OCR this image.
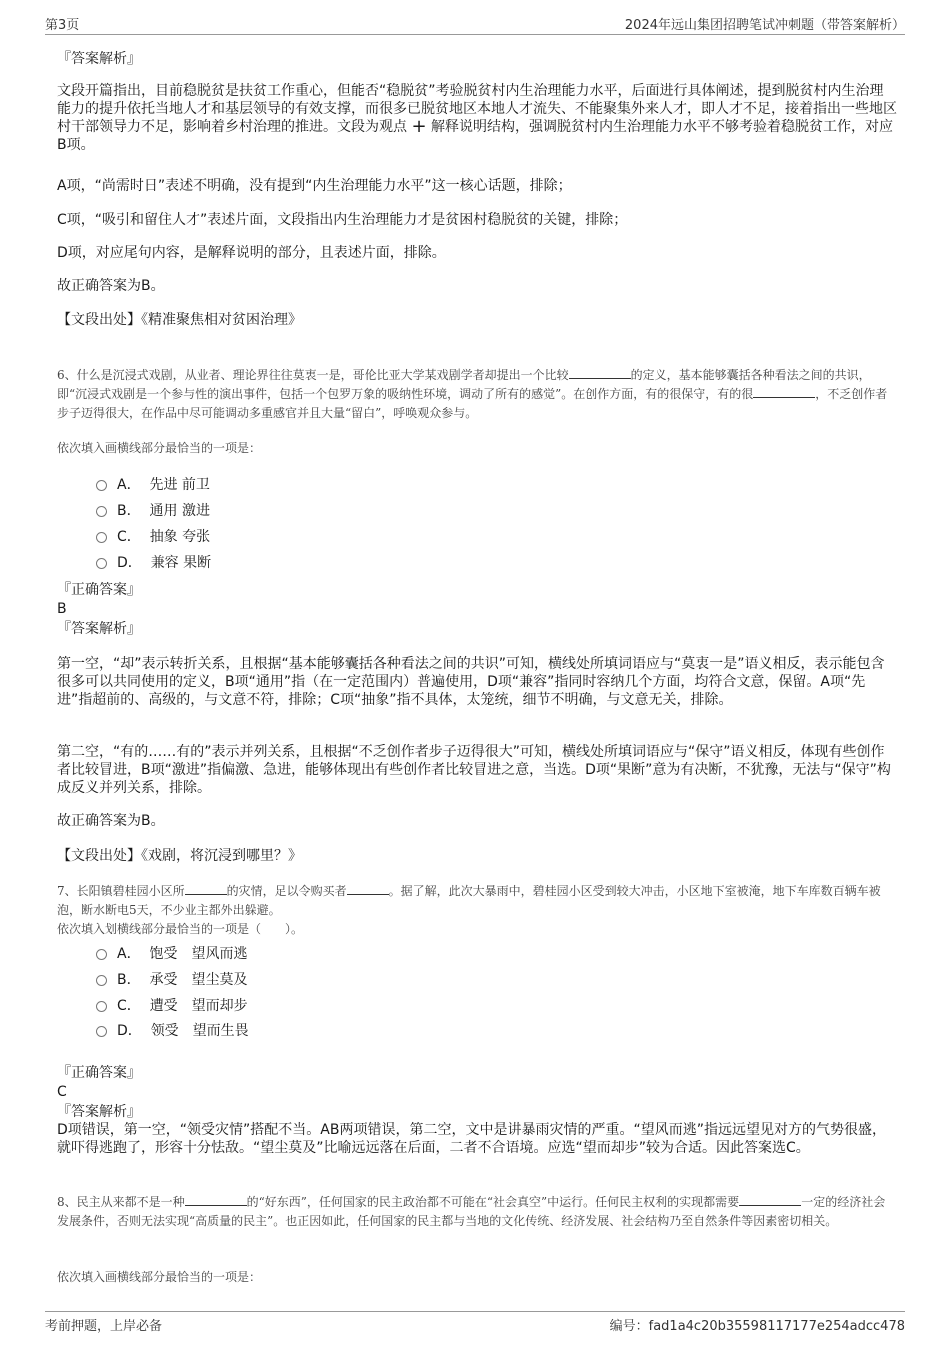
第3页	2024年远山集团招聘笔试冲刺题（带答案解析）
『答案解析』
文段开篇指出，目前稳脱贫是扶贫工作重心，但能否“稳脱贫”考验脱贫村内生治理能力水平，后面进行具体阐述，提到脱贫村内生治理能力的提升依托当地人才和基层领导的有效支撑，而很多已脱贫地区本地人才流失、不能聚集外来人才，即人才不足，接着指出一些地区村干部领导力不足，影响着乡村治理的推进。文段为观点 + 解释说明结构，强调脱贫村内生治理能力水平不够考验着稳脱贫工作，对应B项。
A项，“尚需时日”表述不明确，没有提到“内生治理能力水平”这一核心话题，排除；
C项，“吸引和留住人才”表述片面，文段指出内生治理能力才是贫困村稳脱贫的关键，排除；
D项，对应尾句内容，是解释说明的部分，且表述片面，排除。
故正确答案为B。
【文段出处】《精准聚焦相对贫困治理》
6、什么是沉浸式戏剧，从业者、理论界往往莫衷一是，哥伦比亚大学某戏剧学者却提出一个比较	的定义，基本能够囊括各种看法之间的共识，即“沉浸式戏剧是一个参与性的演出事件，包括一个包罗万象的吸纳性环境，调动了所有的感觉”。在创作方面，有的很保守，有的很	，不乏创作者步子迈得很大，在作品中尽可能调动多重感官并且大量“留白”，呼唤观众参与。
依次填入画横线部分最恰当的一项是：
A．
先进 前卫
B．
通用 激进
C．
抽象 夸张
D．
兼容 果断
『正确答案』
B
『答案解析』
第一空，“却”表示转折关系，且根据“基本能够囊括各种看法之间的共识”可知，横线处所填词语应与“莫衷一是”语义相反，表示能包含很多可以共同使用的定义，B项“通用”指（在一定范围内）普遍使用，D项“兼容”指同时容纳几个方面，均符合文意，保留。A项“先进”指超前的、高级的，与文意不符，排除；C项“抽象”指不具体，太笼统，细节不明确，与文意无关，排除。
第二空，“有的……有的”表示并列关系，且根据“不乏创作者步子迈得很大”可知，横线处所填词语应与“保守”语义相反，体现有些创作者比较冒进，B项“激进”指偏激、急进，能够体现出有些创作者比较冒进之意，当选。D项“果断”意为有决断，不犹豫，无法与“保守”构成反义并列关系，排除。
故正确答案为B。
【文段出处】《戏剧，将沉浸到哪里？》
7、长阳镇碧桂园小区所	的灾情，足以令购买者	。据了解，此次大暴雨中，碧桂园小区受到较大冲击，小区地下室被淹，地下车库数百辆车被泡，断水断电5天，不少业主都外出躲避。
依次填入划横线部分最恰当的一项是（　　）。
A．
饱受　望风而逃
B．
承受　望尘莫及
C．
遭受　望而却步
D．
领受　望而生畏
『正确答案』
C
『答案解析』
D项错误，第一空，“领受灾情”搭配不当。AB两项错误，第二空，文中是讲暴雨灾情的严重。“望风而逃”指远远望见对方的气势很盛，就吓得逃跑了，形容十分怯敌。“望尘莫及”比喻远远落在后面，二者不合语境。应选“望而却步”较为合适。因此答案选C。
8、民主从来都不是一种	的“好东西”，任何国家的民主政治都不可能在“社会真空”中运行。任何民主权利的实现都需要	一定的经济社会发展条件，否则无法实现“高质量的民主”。也正因如此，任何国家的民主都与当地的文化传统、经济发展、社会结构乃至自然条件等因素密切相关。
依次填入画横线部分最恰当的一项是：
考前押题，上岸必备	编号：fad1a4c20b35598117177e254adcc478
